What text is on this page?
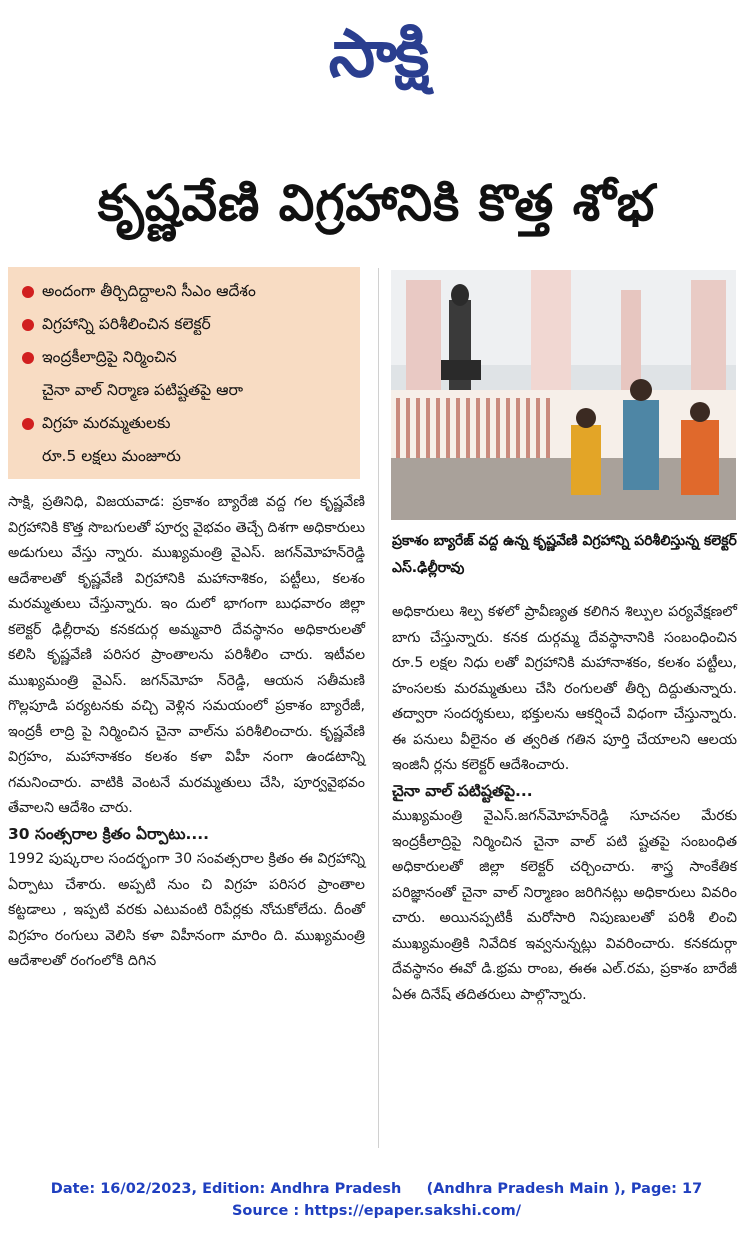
సాక్షి
కృష్ణవేణి విగ్రహానికి కొత్త శోభ
అందంగా తీర్చిదిద్దాలని సీఎం ఆదేశం
విగ్రహాన్ని పరిశీలించిన కలెక్టర్
ఇంద్రకీలాద్రిపై నిర్మించిన
చైనా వాల్ నిర్మాణ పటిష్టతపై ఆరా
విగ్రహ మరమ్మతులకు
రూ.5 లక్షలు మంజూరు
ప్రకాశం బ్యారేజ్ వద్ద ఉన్న కృష్ణవేణి విగ్రహాన్ని పరిశీలిస్తున్న కలెక్టర్ ఎస్.ఢిల్లీరావు

సాక్షి, ప్రతినిధి, విజయవాడ: ప్రకాశం బ్యారేజి వద్ద గల కృష్ణవేణి విగ్రహానికి కొత్త సొబగులతో పూర్వ వైభవం తెచ్చే దిశగా అధికారులు అడుగులు వేస్తు న్నారు. ముఖ్యమంత్రి వైఎస్. జగన్‌మోహన్‌రెడ్డి ఆదేశాలతో కృష్ణవేణి విగ్రహానికి మహానాశికం, పట్టీలు, కలశం మరమ్మతులు చేస్తున్నారు. ఇం దులో భాగంగా బుధవారం జిల్లా కలెక్టర్ ఢిల్లీరావు కనకదుర్గ అమ్మవారి దేవస్థానం అధికారులతో కలిసి కృష్ణవేణి పరిసర ప్రాంతాలను పరిశీలిం చారు. ఇటీవల ముఖ్యమంత్రి వైఎస్. జగన్‌మోహ న్‌రెడ్డి, ఆయన సతీమణి గొల్లపూడి పర్యటనకు వచ్చి వెళ్లిన సమయంలో ప్రకాశం బ్యారేజీ, ఇంద్రకీ లాద్రి పై నిర్మించిన చైనా వాల్‌ను పరిశీలించారు. కృష్ణవేణి విగ్రహం, మహానాశకం కలశం కళా విహీ నంగా ఉండటాన్ని గమనించారు. వాటికి వెంటనే మరమ్మతులు చేసి, పూర్వవైభవం తేవాలని ఆదేశిం చారు.

30 సంత్సరాల క్రితం ఏర్పాటు....

1992 పుష్కరాల సందర్భంగా 30 సంవత్సరాల క్రితం ఈ విగ్రహాన్ని ఏర్పాటు చేశారు. అప్పటి నుం చి విగ్రహ పరిసర ప్రాంతాల కట్టడాలు , ఇప్పటి వరకు ఎటువంటి రిపేర్లకు నోచుకోలేదు. దీంతో విగ్రహం రంగులు వెలిసి కళా విహీనంగా మారిం ది. ముఖ్యమంత్రి ఆదేశాలతో రంగంలోకి దిగిన

అధికారులు శిల్ప కళలో ప్రావీణ్యత కలిగిన శిల్పుల పర్యవేక్షణలో బాగు చేస్తున్నారు. కనక దుర్గమ్మ దేవస్థానానికి సంబంధించిన రూ.5 లక్షల నిధు లతో విగ్రహానికి మహానాశకం, కలశం పట్టీలు, హంసలకు మరమ్మతులు చేసి రంగులతో తీర్చి దిద్దుతున్నారు. తద్వారా సందర్శకులు, భక్తులను ఆకర్షించే విధంగా చేస్తున్నారు. ఈ పనులు వీలైనం త త్వరిత గతిన పూర్తి చేయాలని ఆలయ ఇంజినీ ర్లను కలెక్టర్ ఆదేశించారు.

చైనా వాల్ పటిష్టతపై...

ముఖ్యమంత్రి వైఎస్.జగన్‌మోహన్‌రెడ్డి సూచనల మేరకు ఇంద్రకీలాద్రిపై నిర్మించిన చైనా వాల్ పటి ష్టతపై సంబంధిత అధికారులతో జిల్లా కలెక్టర్ చర్చించారు. శాస్త్ర సాంకేతిక పరిజ్ఞానంతో చైనా వాల్ నిర్మాణం జరిగినట్లు అధికారులు వివరిం చారు. అయినప్పటికీ మరోసారి నిపుణులతో పరిశీ లించి ముఖ్యమంత్రికి నివేదిక ఇవ్వనున్నట్లు వివరించారు. కనకదుర్గా దేవస్థానం ఈవో డి.భ్రమ రాంబ, ఈఈ ఎల్.రమ, ప్రకాశం బారేజీ ఏఈ దినేష్ తదితరులు పాల్గొన్నారు.

Date: 16/02/2023, Edition: Andhra Pradesh     (Andhra Pradesh Main ), Page: 17
Source : https://epaper.sakshi.com/
